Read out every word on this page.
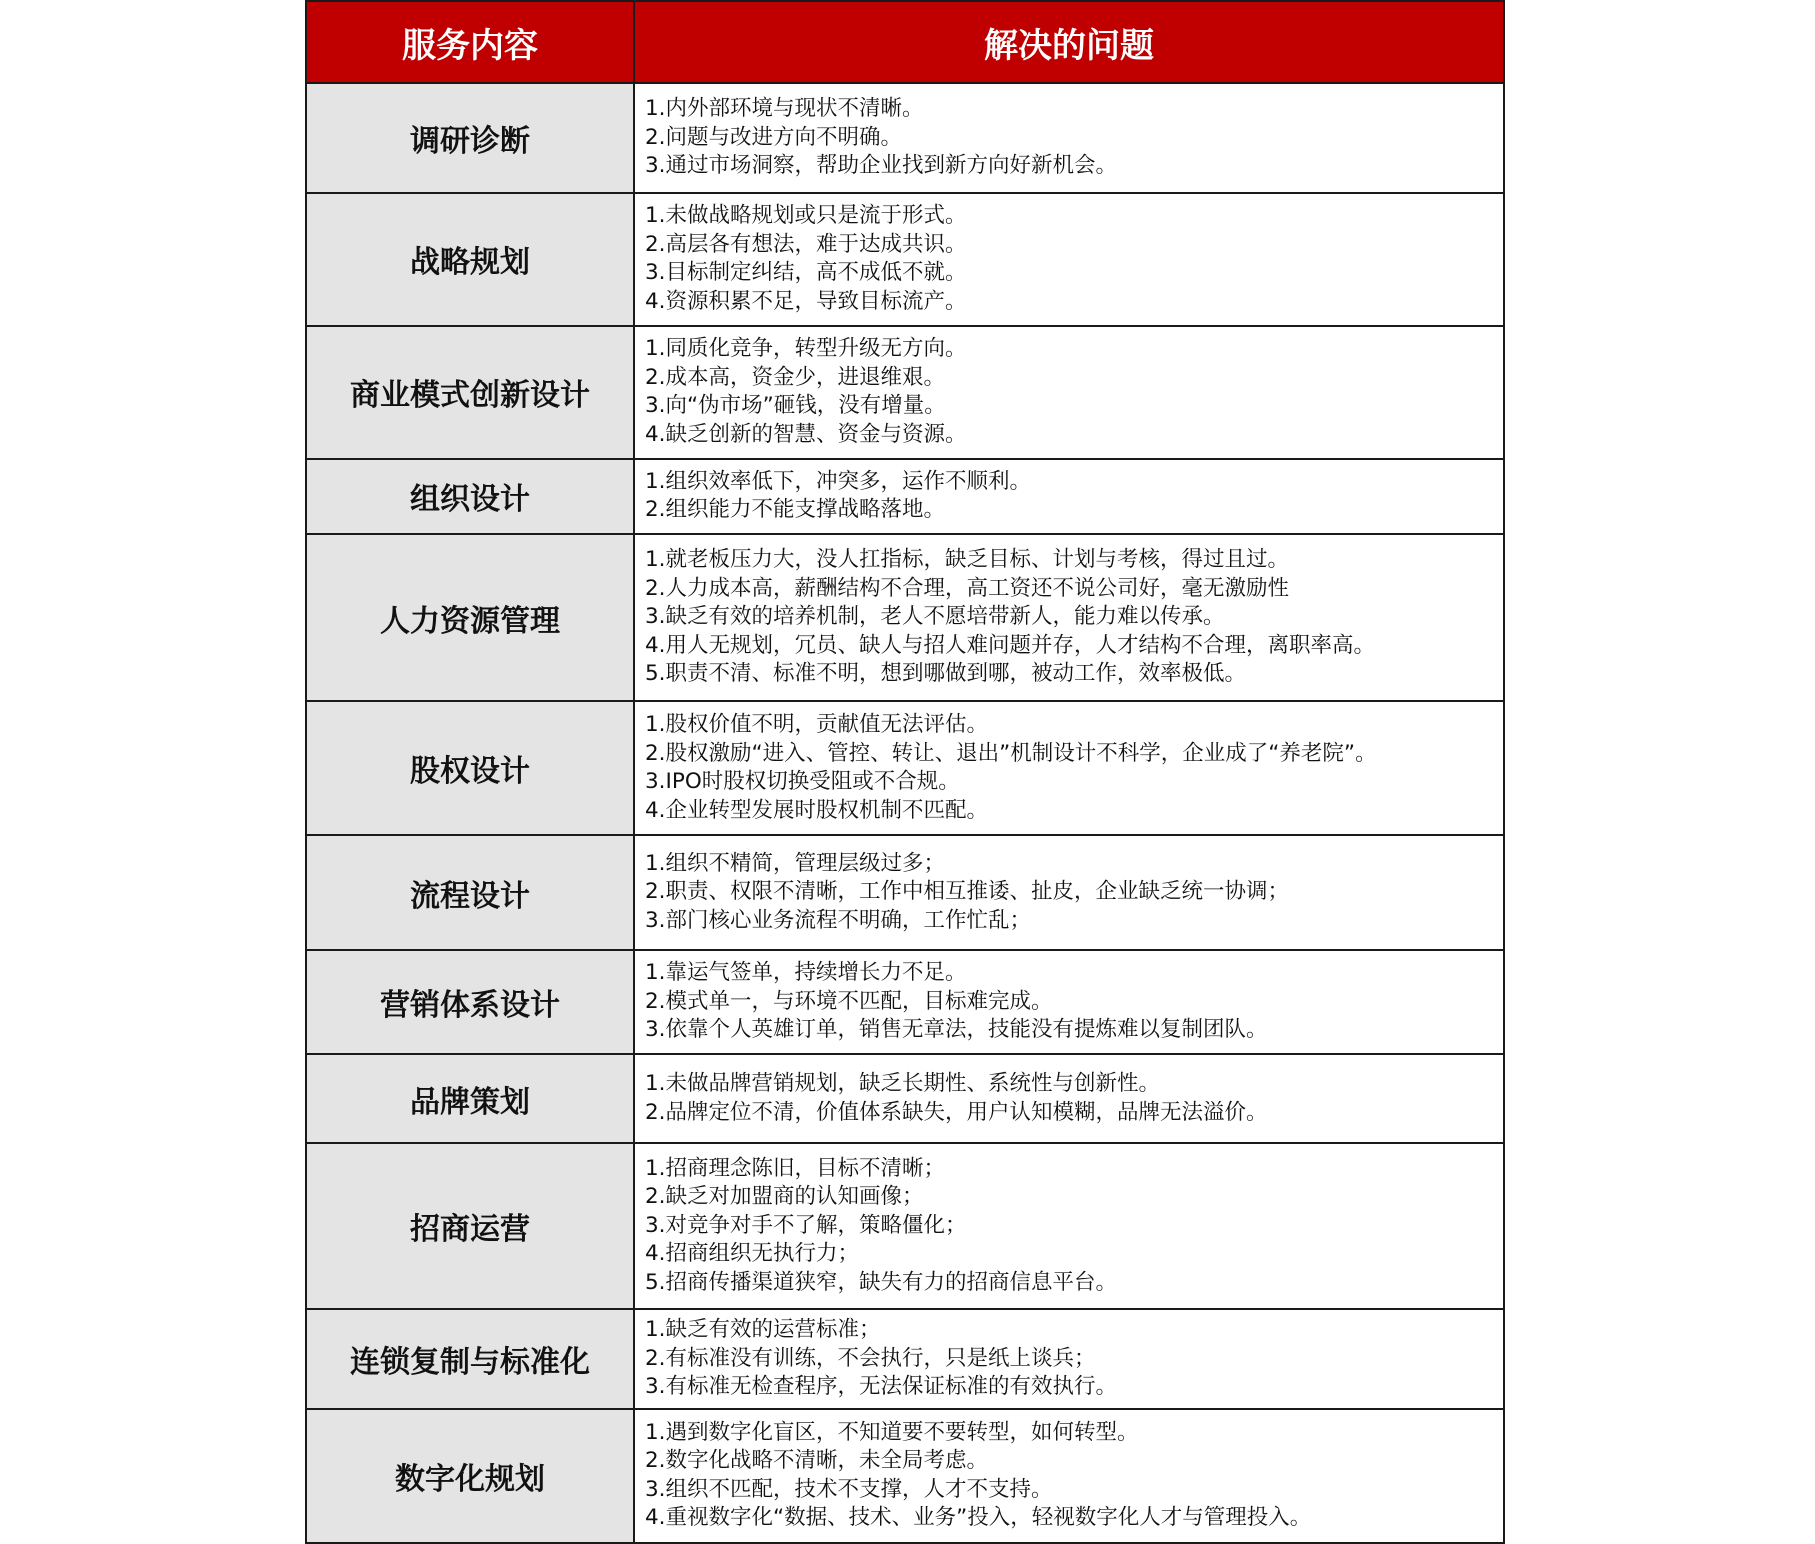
服务内容	解决的问题
调研诊断	1.内外部环境与现状不清晰。
2.问题与改进方向不明确。
3.通过市场洞察，帮助企业找到新方向好新机会。

战略规划	1.未做战略规划或只是流于形式。
2.高层各有想法，难于达成共识。
3.目标制定纠结，高不成低不就。
4.资源积累不足，导致目标流产。

商业模式创新设计	1.同质化竞争，转型升级无方向。
2.成本高，资金少，进退维艰。
3.向“伪市场”砸钱，没有增量。
4.缺乏创新的智慧、资金与资源。

组织设计	1.组织效率低下，冲突多，运作不顺利。
2.组织能力不能支撑战略落地。

人力资源管理	1.就老板压力大，没人扛指标，缺乏目标、计划与考核，得过且过。
2.人力成本高，薪酬结构不合理，高工资还不说公司好，毫无激励性
3.缺乏有效的培养机制，老人不愿培带新人，能力难以传承。
4.用人无规划，冗员、缺人与招人难问题并存，人才结构不合理，离职率高。
5.职责不清、标准不明，想到哪做到哪，被动工作，效率极低。

股权设计	1.股权价值不明，贡献值无法评估。
2.股权激励“进入、管控、转让、退出”机制设计不科学，企业成了“养老院”。
3.IPO时股权切换受阻或不合规。
4.企业转型发展时股权机制不匹配。

流程设计	1.组织不精简，管理层级过多；
2.职责、权限不清晰，工作中相互推诿、扯皮，企业缺乏统一协调；
3.部门核心业务流程不明确，工作忙乱；

营销体系设计	1.靠运气签单，持续增长力不足。
2.模式单一，与环境不匹配，目标难完成。
3.依靠个人英雄订单，销售无章法，技能没有提炼难以复制团队。

品牌策划	1.未做品牌营销规划，缺乏长期性、系统性与创新性。
2.品牌定位不清，价值体系缺失，用户认知模糊，品牌无法溢价。

招商运营	1.招商理念陈旧，目标不清晰；
2.缺乏对加盟商的认知画像；
3.对竞争对手不了解，策略僵化；
4.招商组织无执行力；
5.招商传播渠道狭窄，缺失有力的招商信息平台。

连锁复制与标准化	1.缺乏有效的运营标准；
2.有标准没有训练，不会执行，只是纸上谈兵；
3.有标准无检查程序，无法保证标准的有效执行。

数字化规划	1.遇到数字化盲区，不知道要不要转型，如何转型。
2.数字化战略不清晰，未全局考虑。
3.组织不匹配，技术不支撑，人才不支持。
4.重视数字化“数据、技术、业务”投入，轻视数字化人才与管理投入。
